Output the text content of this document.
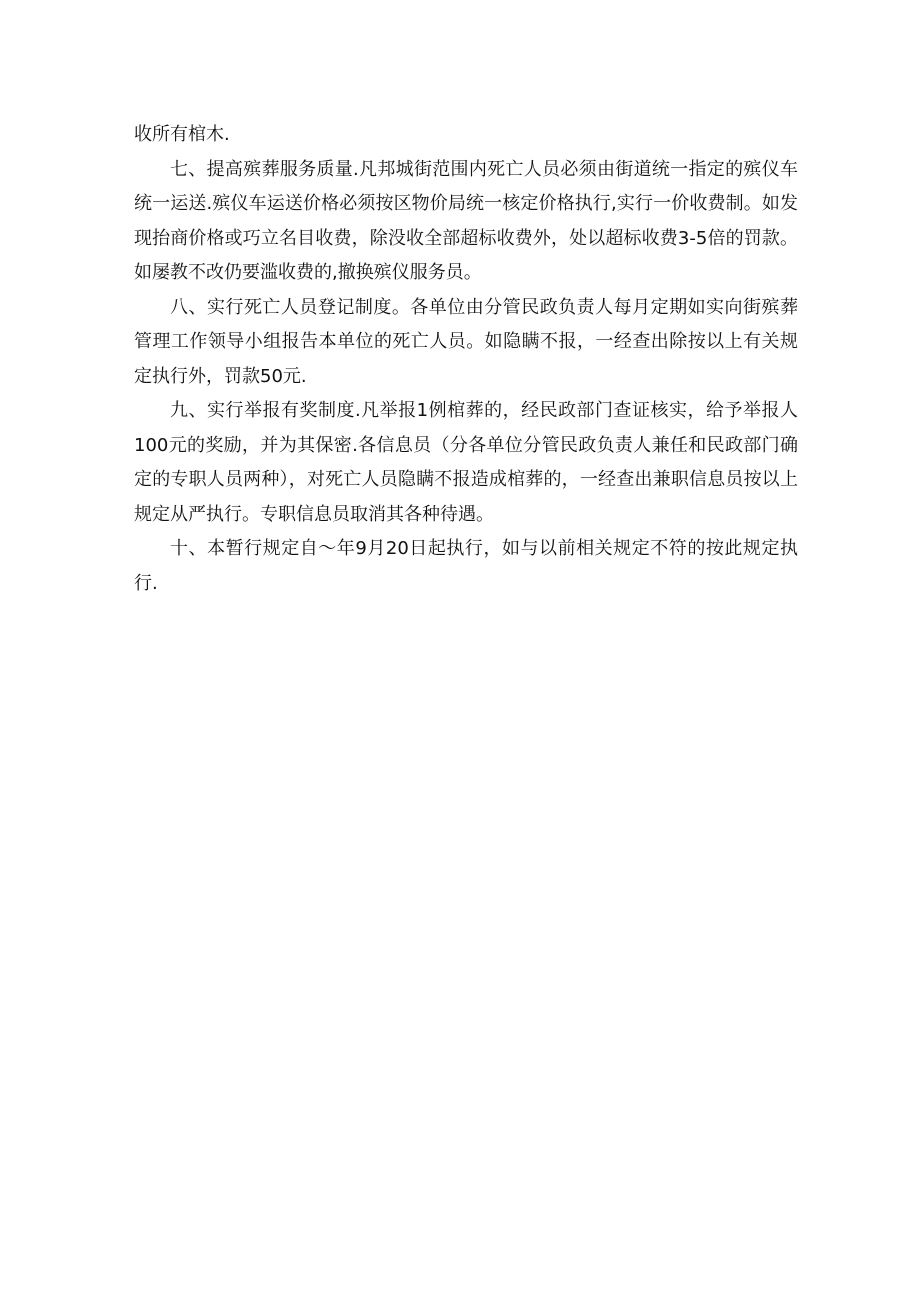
收所有棺木.

七、提高殡葬服务质量.凡邦城街范围内死亡人员必须由街道统一指定的殡仪车统一运送.殡仪车运送价格必须按区物价局统一核定价格执行,实行一价收费制。如发现抬商价格或巧立名目收费，除没收全部超标收费外，处以超标收费3-5倍的罚款。如屡教不改仍要滥收费的,撤换殡仪服务员。

八、实行死亡人员登记制度。各单位由分管民政负责人每月定期如实向街殡葬管理工作领导小组报告本单位的死亡人员。如隐瞒不报，一经查出除按以上有关规定执行外，罚款50元.

九、实行举报有奖制度.凡举报1例棺葬的，经民政部门查证核实，给予举报人100元的奖励，并为其保密.各信息员（分各单位分管民政负责人兼任和民政部门确定的专职人员两种），对死亡人员隐瞒不报造成棺葬的，一经查出兼职信息员按以上规定从严执行。专职信息员取消其各种待遇。

十、本暂行规定自〜年9月20日起执行，如与以前相关规定不符的按此规定执行.
